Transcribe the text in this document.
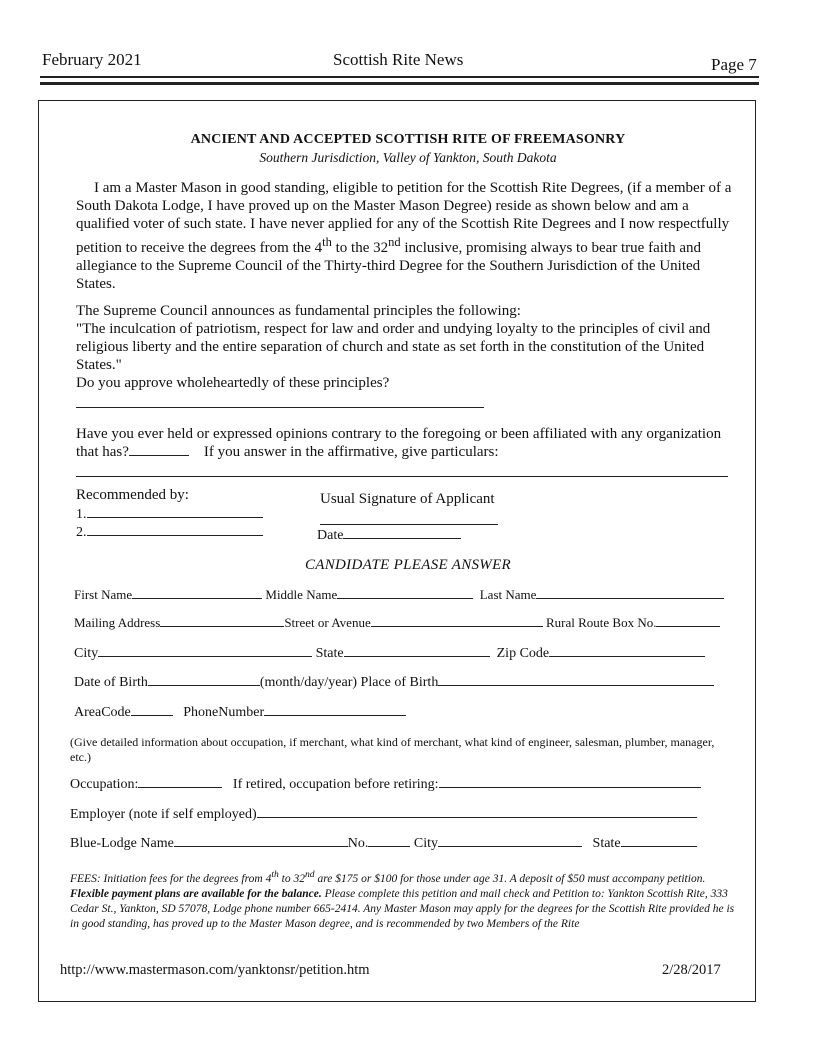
February 2021	Scottish Rite News	Page 7
ANCIENT AND ACCEPTED SCOTTISH RITE OF FREEMASONRY
Southern Jurisdiction, Valley of Yankton, South Dakota

I am a Master Mason in good standing, eligible to petition for the Scottish Rite Degrees, (if a member of a South Dakota Lodge, I have proved up on the Master Mason Degree) reside as shown below and am a qualified voter of such state. I have never applied for any of the Scottish Rite Degrees and I now respectfully petition to receive the degrees from the 4th to the 32nd inclusive, promising always to bear true faith and allegiance to the Supreme Council of the Thirty-third Degree for the Southern Jurisdiction of the United States.

The Supreme Council announces as fundamental principles the following:

"The inculcation of patriotism, respect for law and order and undying loyalty to the principles of civil and religious liberty and the entire separation of church and state as set forth in the constitution of the United States."

Do you approve wholeheartedly of these principles?

Have you ever held or expressed opinions contrary to the foregoing or been affiliated with any organization that has?	If you answer in the affirmative, give particulars:

Recommended by:
1.
2.
Usual Signature of Applicant
Date
CANDIDATE PLEASE ANSWER
First Name	Middle Name	Last Name
Mailing Address	Street or Avenue	Rural Route Box No.
City	State	Zip Code
Date of Birth	(month/day/year) Place of Birth
AreaCode	PhoneNumber
(Give detailed information about occupation, if merchant, what kind of merchant, what kind of engineer, salesman, plumber, manager, etc.)
Occupation:	If retired, occupation before retiring:
Employer (note if self employed)
Blue-Lodge Name	No.	City	State
FEES: Initiation fees for the degrees from 4th to 32nd are $175 or $100 for those under age 31. A deposit of $50 must accompany petition. Flexible payment plans are available for the balance. Please complete this petition and mail check and Petition to: Yankton Scottish Rite, 333 Cedar St., Yankton, SD 57078, Lodge phone number 665-2414. Any Master Mason may apply for the degrees for the Scottish Rite provided he is in good standing, has proved up to the Master Mason degree, and is recommended by two Members of the Rite
http://www.mastermason.com/yanktonsr/petition.htm	2/28/2017
